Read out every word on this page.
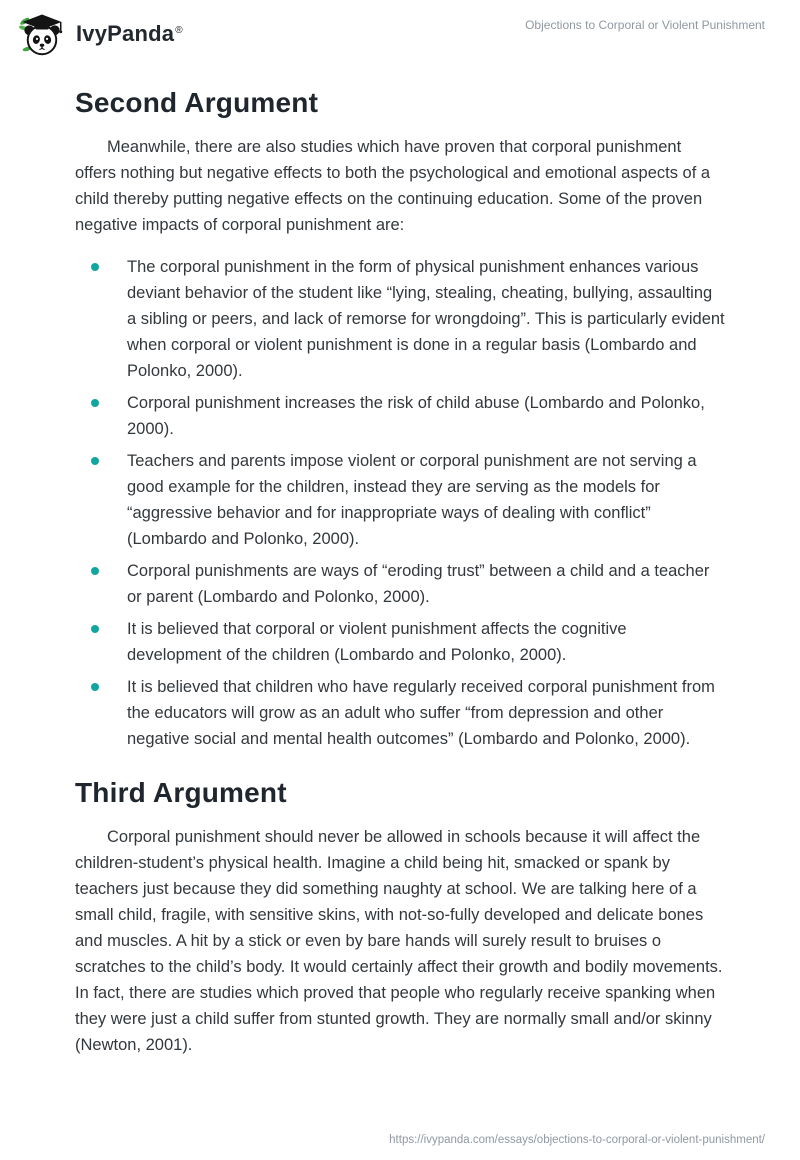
IvyPanda®	Objections to Corporal or Violent Punishment
Second Argument

Meanwhile, there are also studies which have proven that corporal punishment offers nothing but negative effects to both the psychological and emotional aspects of a child thereby putting negative effects on the continuing education. Some of the proven negative impacts of corporal punishment are:

The corporal punishment in the form of physical punishment enhances various deviant behavior of the student like “lying, stealing, cheating, bullying, assaulting a sibling or peers, and lack of remorse for wrongdoing”. This is particularly evident when corporal or violent punishment is done in a regular basis (Lombardo and Polonko, 2000).
Corporal punishment increases the risk of child abuse (Lombardo and Polonko, 2000).
Teachers and parents impose violent or corporal punishment are not serving a good example for the children, instead they are serving as the models for “aggressive behavior and for inappropriate ways of dealing with conflict” (Lombardo and Polonko, 2000).
Corporal punishments are ways of “eroding trust” between a child and a teacher or parent (Lombardo and Polonko, 2000).
It is believed that corporal or violent punishment affects the cognitive development of the children (Lombardo and Polonko, 2000).
It is believed that children who have regularly received corporal punishment from the educators will grow as an adult who suffer “from depression and other negative social and mental health outcomes” (Lombardo and Polonko, 2000).
Third Argument

Corporal punishment should never be allowed in schools because it will affect the children-student’s physical health. Imagine a child being hit, smacked or spank by teachers just because they did something naughty at school. We are talking here of a small child, fragile, with sensitive skins, with not-so-fully developed and delicate bones and muscles. A hit by a stick or even by bare hands will surely result to bruises o scratches to the child’s body. It would certainly affect their growth and bodily movements. In fact, there are studies which proved that people who regularly receive spanking when they were just a child suffer from stunted growth. They are normally small and/or skinny (Newton, 2001).

https://ivypanda.com/essays/objections-to-corporal-or-violent-punishment/
